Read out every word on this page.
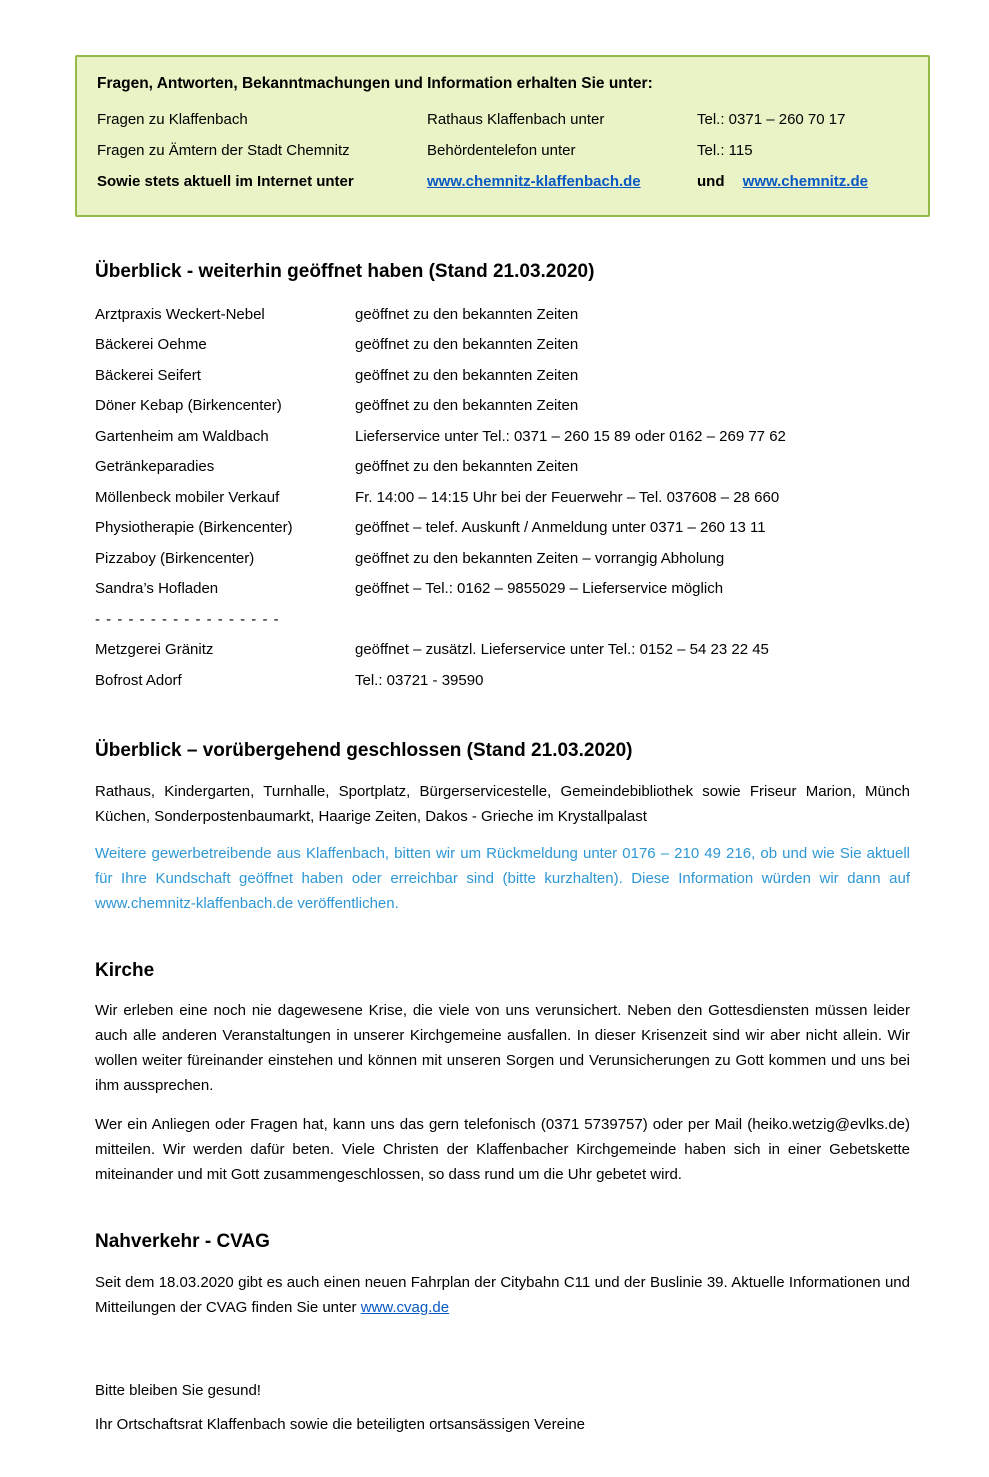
Fragen, Antworten, Bekanntmachungen und Information erhalten Sie unter:
Fragen zu Klaffenbach	Rathaus Klaffenbach unter	Tel.: 0371 – 260 70 17
Fragen zu Ämtern der Stadt Chemnitz	Behördentelefon unter	Tel.: 115
Sowie stets aktuell im Internet unter	www.chemnitz-klaffenbach.de	und www.chemnitz.de
Überblick - weiterhin geöffnet haben (Stand 21.03.2020)
Arztpraxis Weckert-Nebel	geöffnet zu den bekannten Zeiten
Bäckerei Oehme	geöffnet zu den bekannten Zeiten
Bäckerei Seifert	geöffnet zu den bekannten Zeiten
Döner Kebap (Birkencenter)	geöffnet zu den bekannten Zeiten
Gartenheim am Waldbach	Lieferservice unter Tel.: 0371 – 260 15 89 oder 0162 – 269 77 62
Getränkeparadies	geöffnet zu den bekannten Zeiten
Möllenbeck mobiler Verkauf	Fr. 14:00 – 14:15 Uhr bei der Feuerwehr – Tel. 037608 – 28 660
Physiotherapie (Birkencenter)	geöffnet – telef. Auskunft / Anmeldung unter 0371 – 260 13 11
Pizzaboy (Birkencenter)	geöffnet zu den bekannten Zeiten – vorrangig Abholung
Sandra’s Hofladen	geöffnet – Tel.: 0162 – 9855029 – Lieferservice möglich
- - - - - - - - - - - - - - - - -
Metzgerei Gränitz	geöffnet – zusätzl. Lieferservice unter Tel.: 0152 – 54 23 22 45
Bofrost Adorf	Tel.: 03721 - 39590
Überblick – vorübergehend geschlossen (Stand 21.03.2020)

Rathaus, Kindergarten, Turnhalle, Sportplatz, Bürgerservicestelle, Gemeindebibliothek sowie Friseur Marion, Münch Küchen, Sonderpostenbaumarkt, Haarige Zeiten, Dakos - Grieche im Krystallpalast

Weitere gewerbetreibende aus Klaffenbach, bitten wir um Rückmeldung unter 0176 – 210 49 216, ob und wie Sie aktuell für Ihre Kundschaft geöffnet haben oder erreichbar sind (bitte kurzhalten). Diese Information würden wir dann auf www.chemnitz-klaffenbach.de veröffentlichen.

Kirche

Wir erleben eine noch nie dagewesene Krise, die viele von uns verunsichert. Neben den Gottesdiensten müssen leider auch alle anderen Veranstaltungen in unserer Kirchgemeine ausfallen. In dieser Krisenzeit sind wir aber nicht allein. Wir wollen weiter füreinander einstehen und können mit unseren Sorgen und Verunsicherungen zu Gott kommen und uns bei ihm aussprechen.

Wer ein Anliegen oder Fragen hat, kann uns das gern telefonisch (0371 5739757) oder per Mail (heiko.wetzig@evlks.de) mitteilen. Wir werden dafür beten. Viele Christen der Klaffenbacher Kirchgemeinde haben sich in einer Gebetskette miteinander und mit Gott zusammengeschlossen, so dass rund um die Uhr gebetet wird.

Nahverkehr - CVAG

Seit dem 18.03.2020 gibt es auch einen neuen Fahrplan der Citybahn C11 und der Buslinie 39. Aktuelle Informationen und Mitteilungen der CVAG finden Sie unter www.cvag.de

Bitte bleiben Sie gesund!

Ihr Ortschaftsrat Klaffenbach sowie die beteiligten ortsansässigen Vereine
